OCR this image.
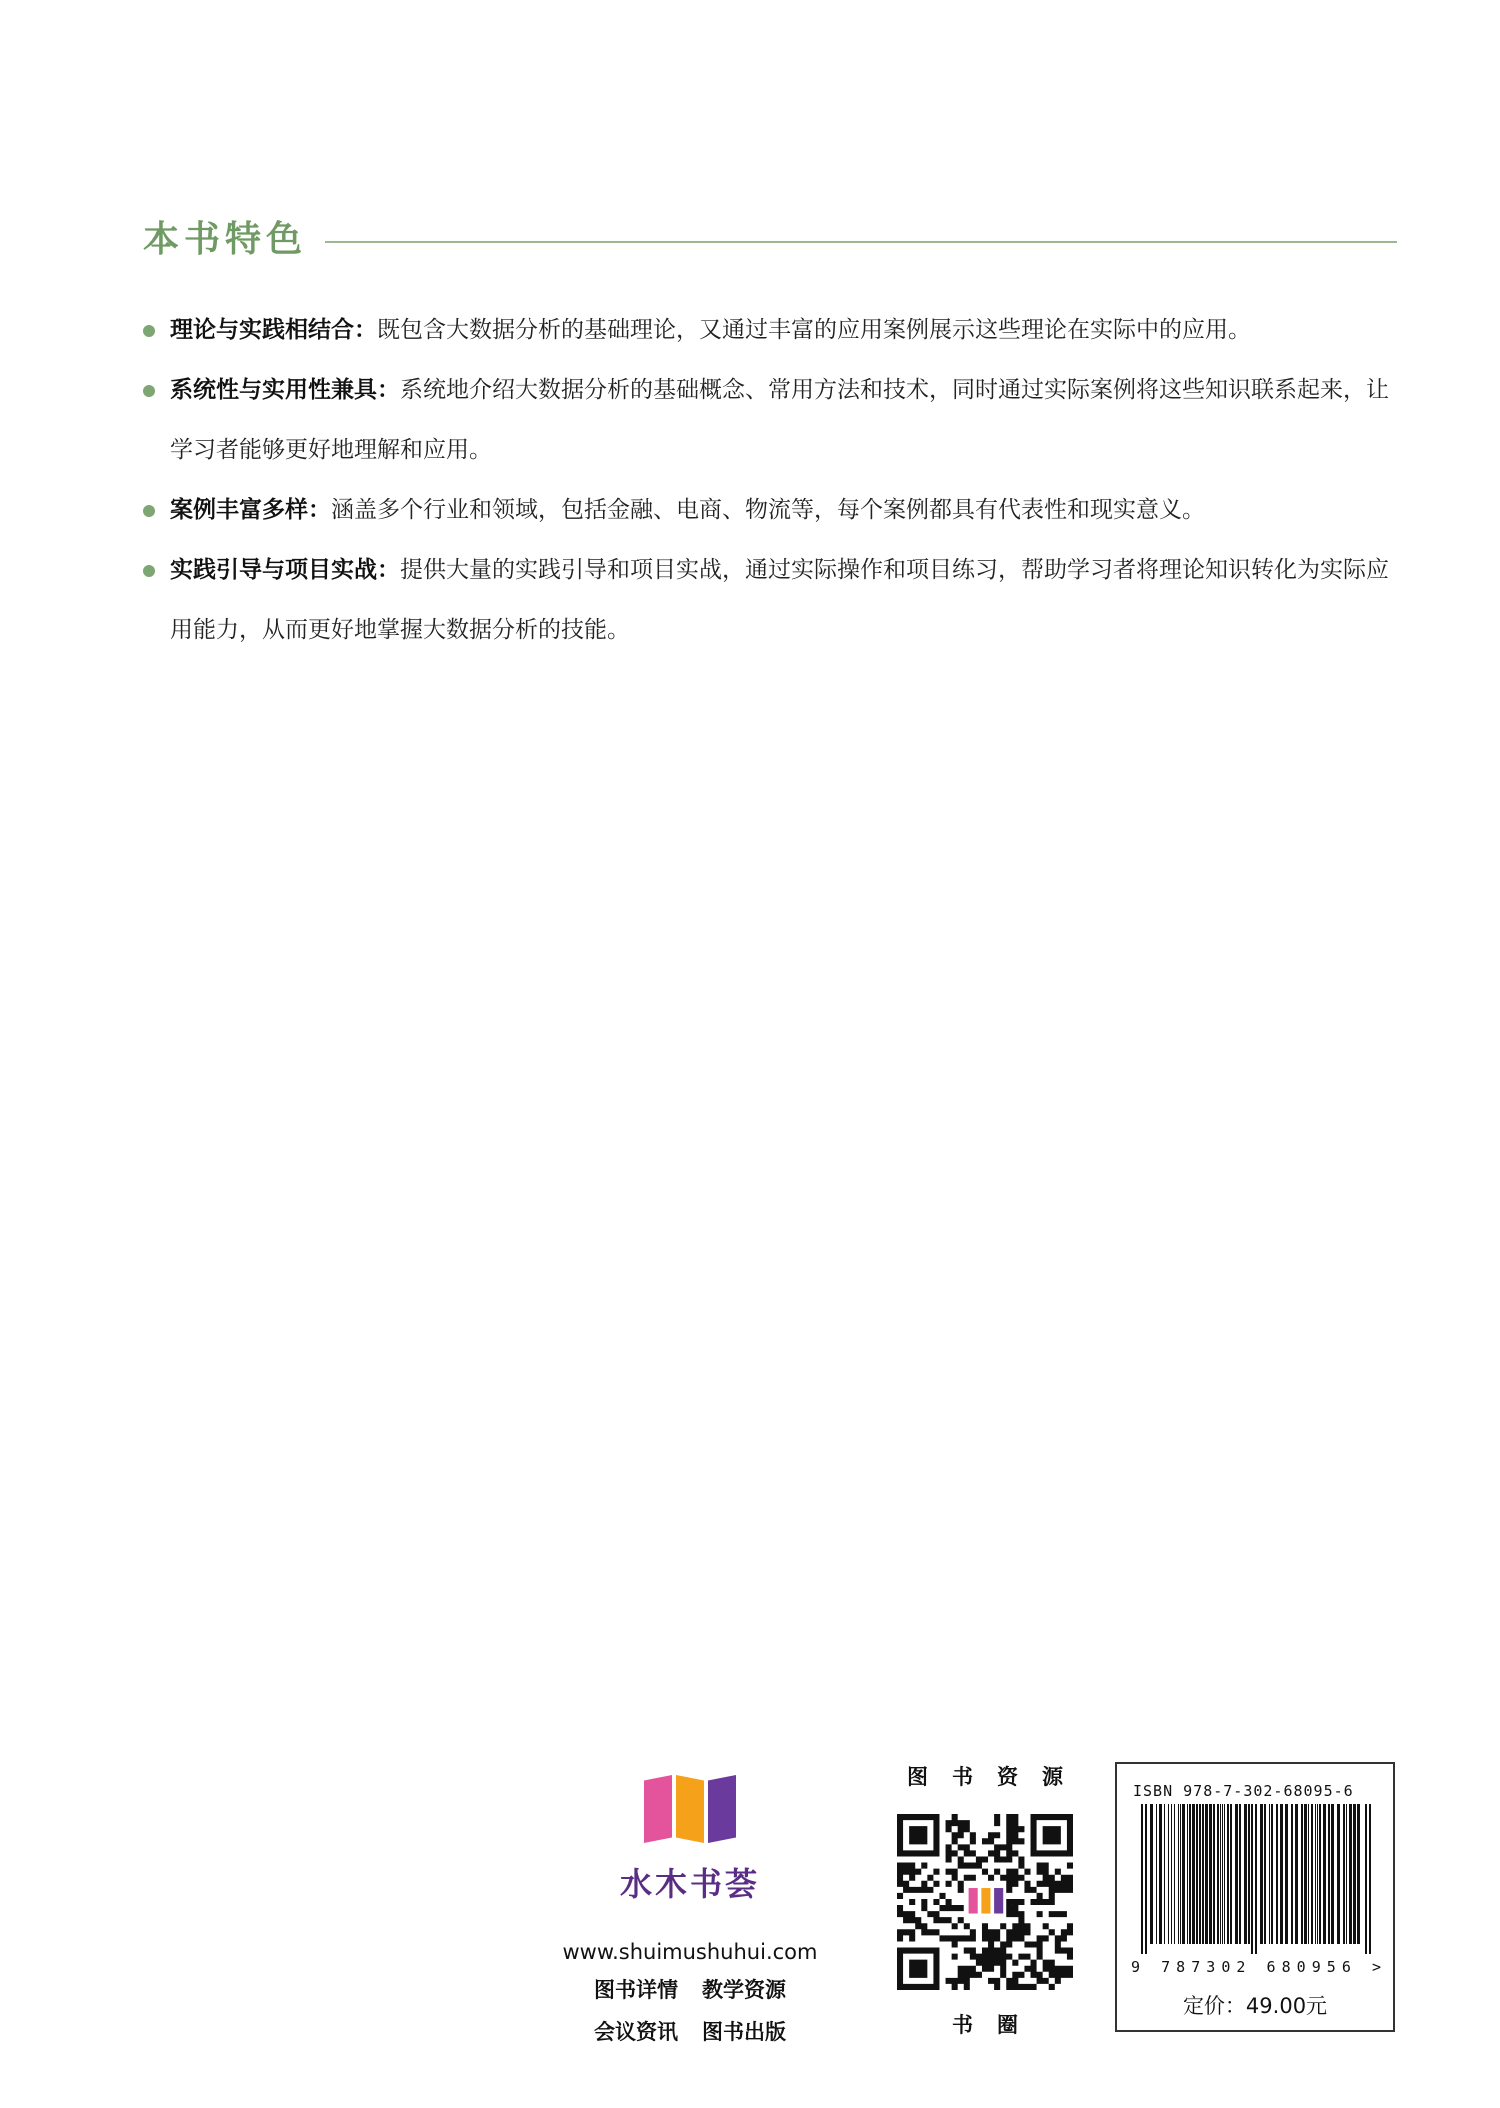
本书特色
理论与实践相结合：既包含大数据分析的基础理论，又通过丰富的应用案例展示这些理论在实际中的应用。
系统性与实用性兼具：系统地介绍大数据分析的基础概念、常用方法和技术，同时通过实际案例将这些知识联系起来，让学习者能够更好地理解和应用。
案例丰富多样：涵盖多个行业和领域，包括金融、电商、物流等，每个案例都具有代表性和现实意义。
实践引导与项目实战：提供大量的实践引导和项目实战，通过实际操作和项目练习，帮助学习者将理论知识转化为实际应用能力，从而更好地掌握大数据分析的技能。
水木书荟
www.shuimushuhui.com
图书详情 教学资源
会议资讯 图书出版
图书资源
书圈
ISBN 978-7-302-68095-6
9 787302 680956 >
定价：49.00元
